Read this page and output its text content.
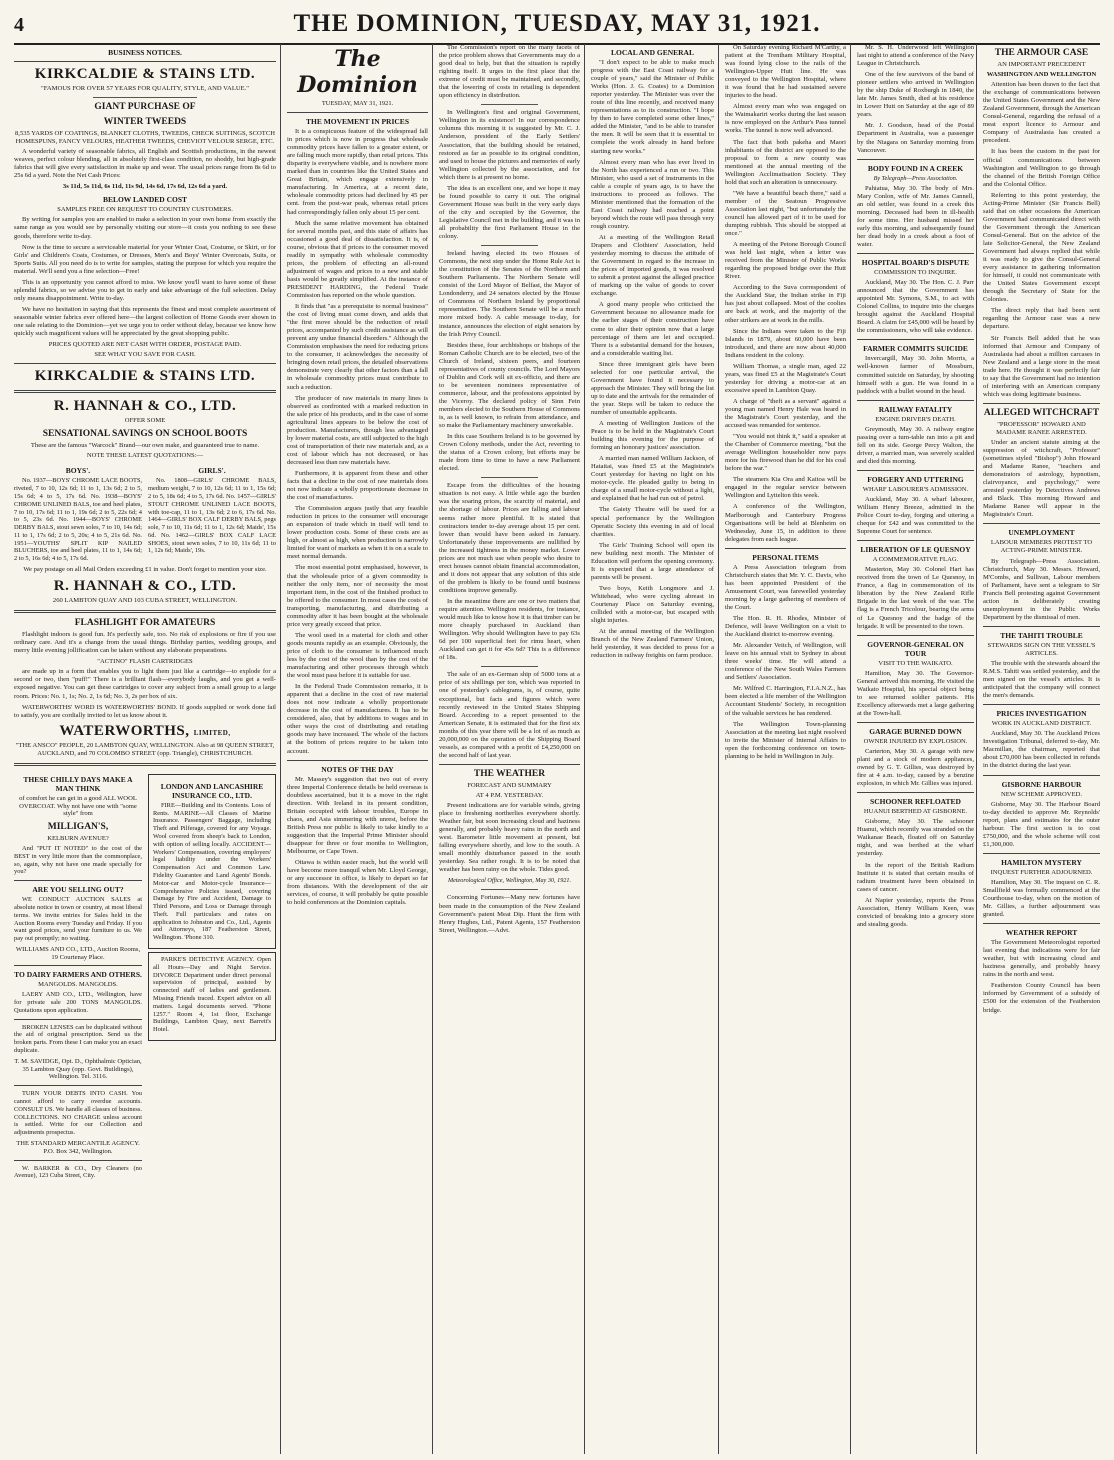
4	THE DOMINION, TUESDAY, MAY 31, 1921.

BUSINESS NOTICES.

KIRKCALDIE & STAINS LTD.

"FAMOUS FOR OVER 57 YEARS FOR QUALITY, STYLE, AND VALUE."

GIANT PURCHASE OF

WINTER TWEEDS

8,535 YARDS OF COATINGS, BLANKET CLOTHS, TWEEDS, CHECK SUITINGS, SCOTCH HOMESPUNS, FANCY VELOURS, HEATHER TWEEDS, CHEVIOT VELOUR SERGE, ETC.

A wonderful variety of seasonable fabrics, all English and Scottish productions, in the newest weaves, perfect colour blending, all in absolutely first-class condition, no shoddy, but high-grade fabrics that will give every satisfaction in make up and wear. The usual prices range from 8s 6d to 25s 6d a yard. Note the Net Cash Prices:

3s 11d, 5s 11d, 6s 11d, 11s 9d, 14s 6d, 17s 6d, 12s 6d a yard.

BELOW LANDED COST

SAMPLES FREE ON REQUEST TO COUNTRY CUSTOMERS.

By writing for samples you are enabled to make a selection in your own home from exactly the same range as you would see by personally visiting our store—it costs you nothing to see these goods, therefore write to-day.

Now is the time to secure a serviceable material for your Winter Coat, Costume, or Skirt, or for Girls' and Children's Coats, Costumes, or Dresses, Men's and Boys' Winter Overcoats, Suits, or Sports Suits. All you need do is to write for samples, stating the purpose for which you require the material. We'll send you a fine selection—Free!

This is an opportunity you cannot afford to miss. We know you'll want to have some of these splendid fabrics, so we advise you to get in early and take advantage of the full selection. Delay only means disappointment. Write to-day.

We have no hesitation in saying that this represents the finest and most complete assortment of seasonable winter fabrics ever offered here—the largest collection of Home Goods ever shown in one sale relating to the Dominion—yet we urge you to order without delay, because we know how quickly such magnificent values will be appreciated by the great shopping public.

PRICES QUOTED ARE NET CASH WITH ORDER, POSTAGE PAID.

SEE WHAT YOU SAVE FOR CASH.

KIRKCALDIE & STAINS LTD.

R. HANNAH & CO., LTD.

OFFER SOME

SENSATIONAL SAVINGS ON SCHOOL BOOTS

These are the famous "Warcock" Brand—our own make, and guaranteed true to name.

NOTE THESE LATEST QUOTATIONS:—

BOYS'.

No. 1937—BOYS' CHROME LACE BOOTS, riveted, 7 to 10, 12s 6d; 11 to 1, 13s 6d; 2 to 5, 15s 6d; 4 to 5, 17s 6d. No. 1938—BOYS' CHROME UNLINED BALS, toe and heel plates, 7 to 10, 17s 6d; 11 to 1, 19s 6d; 2 to 5, 22s 6d; 4 to 5, 23s 6d. No. 1944—BOYS' CHROME DERBY BALS, stout sewn soles, 7 to 10, 14s 6d; 11 to 1, 17s 6d; 2 to 5, 20s; 4 to 5, 21s 6d. No. 1951—YOUTHS' SPLIT KIP NAILED BLUCHERS, toe and heel plates, 11 to 1, 14s 6d; 2 to 5, 16s 6d; 4 to 5, 17s 6d.

GIRLS'.

No. 1808—GIRLS' CHROME BALS, medium weight, 7 to 10, 12s 6d; 11 to 1, 15s 6d; 2 to 5, 18s 6d; 4 to 5, 17s 6d. No. 1457—GIRLS' STOUT CHROME UNLINED LACE BOOTS, with toe-cap, 11 to 1, 13s 6d; 2 to 6, 17s 6d. No. 1464—GIRLS' BOX CALF DERBY BALS, pegs sole, 7 to 10, 11s 6d; 11 to 1, 12s 6d; Maids', 15s 6d. No. 1462—GIRLS' BOX CALF LACE SHOES, stout sewn soles, 7 to 10, 11s 6d; 11 to 1, 12s 6d; Maids', 19s.

We pay postage on all Mail Orders exceeding £1 in value. Don't forget to mention your size.

R. HANNAH & CO., LTD.

260 LAMBTON QUAY AND 103 CUBA STREET, WELLINGTON.

FLASHLIGHT FOR AMATEURS

Flashlight indoors is good fun. It's perfectly safe, too. No risk of explosions or fire if you use ordinary care. And it's a change from the usual things. Birthday parties, wedding groups, and merry little evening jollification can be taken without any elaborate preparations.

"ACTINO" FLASH CARTRIDGES

are made up in a form that enables you to light them just like a cartridge—to explode for a second or two, then "puff!" There is a brilliant flash—everybody laughs, and you get a well-exposed negative. You can get these cartridges to cover any subject from a small group to a large room. Prices: No. 1, 1s; No. 2, 1s 6d; No. 3, 2s per box of six.

WATERWORTHS' WORD IS WATERWORTHS' BOND. If goods supplied or work done fail to satisfy, you are cordially invited to let us know about it.

WATERWORTHS, LIMITED,

"THE ANSCO" PEOPLE, 20 LAMBTON QUAY, WELLINGTON. Also at 98 QUEEN STREET, AUCKLAND, and 70 COLOMBO STREET (opp. Triangle), CHRISTCHURCH.

THESE CHILLY DAYS MAKE A MAN THINK

of comfort he can get in a good ALL WOOL OVERCOAT. Why not have one with "some style" from

MILLIGAN'S,

KELBURN AVENUE?

And "PUT IT NOTED" to the cost of the BEST in very little more than the commonplace, so, again, why not have one made specially for you?

ARE YOU SELLING OUT?

WE CONDUCT AUCTION SALES at absolute notice in town or country, at most liberal terms. We invite entries for Sales held in the Auction Rooms every Tuesday and Friday. If you want good prices, send your furniture to us. We pay out promptly; no waiting.

WILLIAMS AND CO., LTD., Auction Rooms, 19 Courtenay Place.

TO DAIRY FARMERS AND OTHERS.

MANGOLDS. MANGOLDS.

LAERY AND CO., LTD., Wellington, have for private sale 200 TONS MANGOLDS. Quotations upon application.

BROKEN LENSES can be duplicated without the aid of original prescription. Send us the broken parts. From these I can make you an exact duplicate.

T. M. SAVIDGE, Opt. D., Ophthalmic Optician, 35 Lambton Quay (opp. Govt. Buildings), Wellington. Tel. 3116.

TURN YOUR DEBTS INTO CASH. You cannot afford to carry overdue accounts. CONSULT US. We handle all classes of business. COLLECTIONS. NO CHARGE unless account is settled. Write for our Collection and adjustments prospectus.

THE STANDARD MERCANTILE AGENCY. P.O. Box 342, Wellington.

W. BARKER & CO., Dry Cleaners (no Avenue), 123 Cuba Street, City.

LONDON AND LANCASHIRE INSURANCE CO., LTD.

FIRE—Building and its Contents. Loss of Rents. MARINE—All Classes of Marine Insurance. Passengers' Baggage, including Theft and Pilferage, covered for any Voyage. Wool covered from sheep's back to London, with option of selling locally. ACCIDENT—Workers' Compensation, covering employers' legal liability under the Workers' Compensation Act and Common Law. Fidelity Guarantee and Land Agents' Bonds. Motor-car and Motor-cycle Insurance—Comprehensive Policies issued, covering Damage by Fire and Accident, Damage to Third Persons, and Loss or Damage through Theft. Full particulars and rates on application to Johnston and Co., Ltd., Agents and Attorneys, 187 Featherston Street, Wellington. 'Phone 310.

PARKE'S DETECTIVE AGENCY. Open all Hours—Day and Night Service. DIVORCE Department under direct personal supervision of principal, assisted by connected staff of ladies and gentlemen. Missing Friends traced. Expert advice on all matters. Legal documents served. "Phone 1257." Room 4, 1st floor, Exchange Buildings, Lambton Quay, next Barrett's Hotel.

The Dominion

TUESDAY, MAY 31, 1921.

THE MOVEMENT IN PRICES

It is a conspicuous feature of the widespread fall in prices which is now in progress that wholesale commodity prices have fallen to a greater extent, or are falling much more rapidly, than retail prices. This disparity is everywhere visible, and is nowhere more marked than in countries like the United States and Great Britain, which engage extensively in manufacturing. In America, at a recent date, wholesale commodity prices had declined by 45 per cent. from the post-war peak, whereas retail prices had correspondingly fallen only about 15 per cent.

Much the same relative movement has obtained for several months past, and this state of affairs has occasioned a good deal of dissatisfaction. It is, of course, obvious that if prices to the consumer moved readily in sympathy with wholesale commodity prices, the problem of effecting an all-round adjustment of wages and prices to a new and stable basis would be greatly simplified. At the instance of PRESIDENT HARDING, the Federal Trade Commission has reported on the whole question.

It finds that "as a prerequisite to normal business" the cost of living must come down, and adds that "the first move should be the reduction of retail prices, accompanied by such credit assistance as will prevent any undue financial disorders." Although the Commission emphasises the need for reducing prices to the consumer, it acknowledges the necessity of bringing down retail prices, the detailed observations demonstrate very clearly that other factors than a fall in wholesale commodity prices must contribute to such a reduction.

The producer of raw materials in many lines is observed as confronted with a marked reduction in the sale price of his products, and in the case of some agricultural lines appears to be below the cost of production. Manufacturers, though less advantaged by lower material costs, are still subjected to the high cost of transportation of their raw materials and, as a cost of labour which has not decreased, or has decreased less than raw materials have.

Furthermore, it is apparent from these and other facts that a decline in the cost of raw materials does not now indicate a wholly proportionate decrease in the cost of manufactures.

The Commission argues justly that any feasible reduction in prices to the consumer will encourage an expansion of trade which in itself will tend to lower production costs. Some of these costs are as high, or almost as high, when production is narrowly limited for want of markets as when it is on a scale to meet normal demands.

The most essential point emphasised, however, is that the wholesale price of a given commodity is neither the only item, nor of necessity the most important item, in the cost of the finished product to be offered to the consumer. In most cases the costs of transporting, manufacturing, and distributing a commodity after it has been bought at the wholesale price very greatly exceed that price.

The wool used in a material for cloth and other goods mounts rapidly as an example. Obviously, the price of cloth to the consumer is influenced much less by the cost of the wool than by the cost of the manufacturing and other processes through which the wool must pass before it is suitable for use.

In the Federal Trade Commission remarks, it is apparent that a decline in the cost of raw material does not now indicate a wholly proportionate decrease in the cost of manufactures. It has to be considered, also, that by additions to wages and in other ways the cost of distributing and retailing goods may have increased. The whole of the factors at the bottom of prices require to be taken into account.

NOTES OF THE DAY

Mr. Massey's suggestion that two out of every three Imperial Conference details be held overseas is doubtless ascertained, but it is a move in the right direction. With Ireland in its present condition, Britain occupied with labour troubles, Europe in chaos, and Asia simmering with unrest, before the British Press nor public is likely to take kindly to a suggestion that the Imperial Prime Minister should disappear for three or four months to Wellington, Melbourne, or Cape Town.

Ottawa is within easier reach, but the world will have become more tranquil when Mr. Lloyd George, or any successor in office, is likely to depart so far from distances. With the development of the air services, of course, it will probably be quite possible to hold conferences at the Dominion capitals.

The Commission's report on the many facets of the price problem shows that Governments may do a good deal to help, but that the situation is rapidly righting itself. It urges in the first place that the extreme of credit must be maintained, and secondly, that the lowering of costs in retailing is dependent upon efficiency in distribution.

In Wellington's first and original Government, Wellington in its existence! In our correspondence columns this morning it is suggested by Mr. C. J. Anderson, president of the Early Settlers' Association, that the building should be retained, restored as far as possible to its original condition, and used to house the pictures and memories of early Wellington collected by the association, and for which there is at present no home.

The idea is an excellent one, and we hope it may be found possible to carry it out. The original Government House was built in the very early days of the city and occupied by the Governor, the Legislative Council met in the building, and it was in all probability the first Parliament House in the colony.

Ireland having elected its two Houses of Commons, the next step under the Home Rule Act is the constitution of the Senates of the Northern and Southern Parliaments. The Northern Senate will consist of the Lord Mayor of Belfast, the Mayor of Londonderry, and 24 senators elected by the House of Commons of Northern Ireland by proportional representation. The Southern Senate will be a much more mixed body. A cable message to-day, for instance, announces the election of eight senators by the Irish Privy Council.

Besides these, four archbishops or bishops of the Roman Catholic Church are to be elected, two of the Church of Ireland, sixteen peers, and fourteen representatives of county councils. The Lord Mayors of Dublin and Cork will sit ex-officio, and there are to be seventeen nominees representative of commerce, labour, and the professions appointed by the Viceroy. The declared policy of Sinn Fein members elected to the Southern House of Commons is, as is well known, to refrain from attendance, and so make the Parliamentary machinery unworkable.

In this case Southern Ireland is to be governed by Crown Colony methods, under the Act, reverting to the status of a Crown colony, but efforts may be made from time to time to have a new Parliament elected.

Escape from the difficulties of the housing situation is not easy. A little while ago the burden was the soaring prices, the scarcity of material, and the shortage of labour. Prices are falling and labour seems rather more plentiful. It is stated that contractors tender to-day average about 15 per cent. lower than would have been asked in January. Unfortunately these improvements are nullified by the increased tightness in the money market. Lower prices are not much use when people who desire to erect houses cannot obtain financial accommodation, and it does not appear that any solution of this side of the problem is likely to be found until business conditions improve generally.

In the meantime there are one or two matters that require attention. Wellington residents, for instance, would much like to know how it is that timber can be more cheaply purchased in Auckland than Wellington. Why should Wellington have to pay 63s 6d per 100 superficial feet for rimu heart, when Auckland can get it for 45s 6d? This is a difference of 18s.

The sale of an ex-German ship of 5000 tons at a price of six shillings per ton, which was reported in one of yesterday's cablegrams, is, of course, quite exceptional, but facts and figures which were recently reviewed in the United States Shipping Board. According to a report presented to the American Senate, it is estimated that for the first six months of this year there will be a lot of as much as 20,000,000 on the operation of the Shipping Board vessels, as compared with a profit of £4,250,000 on the second half of last year.

THE WEATHER

FORECAST AND SUMMARY

AT 4 P.M. YESTERDAY.

Present indications are for variable winds, giving place to freshening northerlies everywhere shortly. Weather fair, but soon increasing cloud and haziness generally, and probably heavy rains in the north and west. Barometer little movement at present, but falling everywhere shortly, and low to the south. A small monthly disturbance passed in the south yesterday. Sea rather rough. It is to be noted that weather has been rainy on the whole. Tides good.

Meteorological Office, Wellington, May 30, 1921.

Concerning Fortunes—Many new fortunes have been made in the consumption of the New Zealand Government's patent Meat Dip. Hunt the firm with Henry Hughes, Ltd., Patent Agents, 157 Featherston Street, Wellington.—Advt.

LOCAL AND GENERAL

"I don't expect to be able to make much progress with the East Coast railway for a couple of years," said the Minister of Public Works (Hon. J. G. Coates) to a Dominion reporter yesterday. The Minister was over the route of this line recently, and received many representations as to its construction. "I hope by then to have completed some other lines," added the Minister, "and to be able to transfer the men. It will be seen that it is essential to complete the work already in hand before starting new works."

Almost every man who has ever lived in the North has experienced a run or two. This Minister, who used a set of instruments in the cable a couple of years ago, is to have the instructions to proceed as follows. The Minister mentioned that the formation of the East Coast railway had reached a point beyond which the route will pass through very rough country.

At a meeting of the Wellington Retail Drapers and Clothiers' Association, held yesterday morning to discuss the attitude of the Government in regard to the increase in the prices of imported goods, it was resolved to submit a protest against the alleged practice of marking up the value of goods to cover exchange.

A good many people who criticised the Government because no allowance made for the earlier stages of their construction have come to alter their opinion now that a large percentage of them are let and occupied. There is a substantial demand for the houses, and a considerable waiting list.

Since three immigrant girls have been selected for one particular arrival, the Government have found it necessary to approach the Minister. They will bring the list up to date and the arrivals for the remainder of the year. Steps will be taken to reduce the number of unsuitable applicants.

A meeting of Wellington Justices of the Peace is to be held in the Magistrate's Court building this evening for the purpose of forming an honorary justices' association.

A married man named William Jackson, of Hataitai, was fined £5 at the Magistrate's Court yesterday for having no light on his motor-cycle. He pleaded guilty to being in charge of a small motor-cycle without a light, and explained that he had run out of petrol.

The Gaiety Theatre will be used for a special performance by the Wellington Operatic Society this evening in aid of local charities.

The Girls' Training School will open its new building next month. The Minister of Education will perform the opening ceremony. It is expected that a large attendance of parents will be present.

Two boys, Keith Longmore and J. Whitehead, who were cycling abreast in Courtenay Place on Saturday evening, collided with a motor-car, but escaped with slight injuries.

At the annual meeting of the Wellington Branch of the New Zealand Farmers' Union, held yesterday, it was decided to press for a reduction in railway freights on farm produce.

On Saturday evening Richard M'Carthy, a patient at the Trentham Military Hospital, was found lying close to the rails of the Wellington-Upper Hutt line. He was conveyed to the Wellington Hospital, where it was found that he had sustained severe injuries to the head.

Almost every man who was engaged on the Waimakariri works during the last season is now employed on the Arthur's Pass tunnel works. The tunnel is now well advanced.

The fact that both pakeha and Maori inhabitants of the district are opposed to the proposal to form a new county was mentioned at the annual meeting of the Wellington Acclimatisation Society. They hold that such an alteration is unnecessary.

"We have a beautiful beach there," said a member of the Seatoun Progressive Association last night, "but unfortunately the council has allowed part of it to be used for dumping rubbish. This should be stopped at once."

A meeting of the Petone Borough Council was held last night, when a letter was received from the Minister of Public Works regarding the proposed bridge over the Hutt River.

According to the Suva correspondent of the Auckland Star, the Indian strike in Fiji has just about collapsed. Most of the coolies are back at work, and the majority of the other strikers are at work in the mills.

Since the Indians were taken to the Fiji Islands in 1879, about 60,000 have been introduced, and there are now about 40,000 Indians resident in the colony.

William Thomas, a single man, aged 22 years, was fined £5 at the Magistrate's Court yesterday for driving a motor-car at an excessive speed in Lambton Quay.

A charge of "theft as a servant" against a young man named Henry Hale was heard in the Magistrate's Court yesterday, and the accused was remanded for sentence.

"You would not think it," said a speaker at the Chamber of Commerce meeting, "but the average Wellington householder now pays more for his firewood than he did for his coal before the war."

The steamers Kia Ora and Kaitoa will be engaged in the regular service between Wellington and Lyttelton this week.

A conference of the Wellington, Marlborough and Canterbury Progress Organisations will be held at Blenheim on Wednesday, June 15, in addition to three delegates from each league.

PERSONAL ITEMS

A Press Association telegram from Christchurch states that Mr. Y. C. Davis, who has been appointed President of the Amusement Court, was farewelled yesterday morning by a large gathering of members of the Court.

The Hon. R. H. Rhodes, Minister of Defence, will leave Wellington on a visit to the Auckland district to-morrow evening.

Mr. Alexander Veitch, of Wellington, will leave on his annual visit to Sydney in about three weeks' time. He will attend a conference of the New South Wales Farmers and Settlers' Association.

Mr. Wilfred C. Harrington, F.I.A.N.Z., has been elected a life member of the Wellington Accountant Students' Society, in recognition of the valuable services he has rendered.

The Wellington Town-planning Association at the meeting last night resolved to invite the Minister of Internal Affairs to open the forthcoming conference on town-planning to be held in Wellington in July.

Mr. S. H. Underwood left Wellington last night to attend a conference of the Navy League in Christchurch.

One of the few survivors of the band of pioneer settlers who arrived in Wellington by the ship Duke of Roxburgh in 1840, the late Mr. James Smith, died at his residence in Lower Hutt on Saturday at the age of 89 years.

Mr. J. Goodson, head of the Postal Department in Australia, was a passenger by the Niagara on Saturday morning from Vancouver.

BODY FOUND IN A CREEK

By Telegraph—Press Association.

Pahiatua, May 30. The body of Mrs. Mary Conlon, wife of Mr. James Cannell, an old settler, was found in a creek this morning. Deceased had been in ill-health for some time. Her husband missed her early this morning, and subsequently found her dead body in a creek about a foot of water.

HOSPITAL BOARD'S DISPUTE

COMMISSION TO INQUIRE.

Auckland, May 30. The Hon. C. J. Parr announced that the Government has appointed Mr. Symons, S.M., to act with Colonel Collins, to inquire into the charges brought against the Auckland Hospital Board. A claim for £45,000 will be heard by the commissioners, who will take evidence.

FARMER COMMITS SUICIDE

Invercargill, May 30. John Morris, a well-known farmer of Mossburn, committed suicide on Saturday, by shooting himself with a gun. He was found in a paddock with a bullet wound in the head.

RAILWAY FATALITY

ENGINE DRIVER'S DEATH.

Greymouth, May 30. A railway engine passing over a turn-table ran into a pit and fell on its side. George Percy Walton, the driver, a married man, was severely scalded and died this morning.

FORGERY AND UTTERING

WHARF LABOURER'S ADMISSION.

Auckland, May 30. A wharf labourer, William Henry Breeze, admitted in the Police Court to-day, forging and uttering a cheque for £42 and was committed to the Supreme Court for sentence.

LIBERATION OF LE QUESNOY

A COMMEMORATIVE FLAG.

Masterton, May 30. Colonel Hart has received from the town of Le Quesnoy, in France, a flag in commemoration of its liberation by the New Zealand Rifle Brigade in the last week of the war. The flag is a French Tricolour, bearing the arms of Le Quesnoy and the badge of the brigade. It will be presented to the town.

GOVERNOR-GENERAL ON TOUR

VISIT TO THE WAIKATO.

Hamilton, May 30. The Governor-General arrived this morning. He visited the Waikato Hospital, his special object being to see returned soldier patients. His Excellency afterwards met a large gathering at the Town-hall.

GARAGE BURNED DOWN

OWNER INJURED BY EXPLOSION.

Carterton, May 30. A garage with new plant and a stock of modern appliances, owned by G. T. Gillies, was destroyed by fire at 4 a.m. to-day, caused by a benzine explosion, in which Mr. Gillies was injured.

SCHOONER REFLOATED

HUANUI BERTHED AT GISBORNE.

Gisborne, May 30. The schooner Huanui, which recently was stranded on the Waikanae Beach, floated off on Saturday night, and was berthed at the wharf yesterday.

In the report of the British Radium Institute it is stated that certain results of radium treatment have been obtained in cases of cancer.

At Napier yesterday, reports the Press Association, Henry William Keen, was convicted of breaking into a grocery store and stealing goods.

THE ARMOUR CASE

AN IMPORTANT PRECEDENT

WASHINGTON AND WELLINGTON

Attention has been drawn to the fact that the exchange of communications between the United States Government and the New Zealand Government, through the American Consul-General, regarding the refusal of a meat export licence to Armour and Company of Australasia has created a precedent.

It has been the custom in the past for official communications between Washington and Wellington to go through the channel of the British Foreign Office and the Colonial Office.

Referring to this point yesterday, the Acting-Prime Minister (Sir Francis Bell) said that on other occasions the American Government had communicated direct with the Government through the American Consul-General. But on the advice of the late Solicitor-General, the New Zealand Government had always replied that while it was ready to give the Consul-General every assistance in gathering information for himself, it could not communicate with the United States Government except through the Secretary of State for the Colonies.

The direct reply that had been sent regarding the Armour case was a new departure.

Sir Francis Bell added that he was informed that Armour and Company of Australasia had about a million carcases in New Zealand and a large store in the meat trade here. He thought it was perfectly fair to say that the Government had no intention of interfering with an American company which was doing legitimate business.

ALLEGED WITCHCRAFT

"PROFESSOR" HOWARD AND MADAME RANEE ARRESTED.

Under an ancient statute aiming at the suppression of witchcraft, "Professor" (sometimes styled "Bishop") John Howard and Madame Ranee, "teachers and demonstrators of astrology, hypnotism, clairvoyance, and psychology," were arrested yesterday by Detectives Andrews and Black. This morning Howard and Madame Ranee will appear in the Magistrate's Court.

UNEMPLOYMENT

LABOUR MEMBERS PROTEST TO ACTING-PRIME MINISTER.

By Telegraph—Press Association. Christchurch, May 30. Messrs. Howard, M'Combs, and Sullivan, Labour members of Parliament, have sent a telegram to Sir Francis Bell protesting against Government action in deliberately creating unemployment in the Public Works Department by the dismissal of men.

THE TAHITI TROUBLE

STEWARDS SIGN ON THE VESSEL'S ARTICLES.

The trouble with the stewards aboard the R.M.S. Tahiti was settled yesterday, and the men signed on the vessel's articles. It is anticipated that the company will connect the men's demands.

PRICES INVESTIGATION

WORK IN AUCKLAND DISTRICT.

Auckland, May 30. The Auckland Prices Investigation Tribunal, deferred to-day, Mr. Macmillan, the chairman, reported that about £70,000 has been collected in refunds in the district during the last year.

GISBORNE HARBOUR

NEW SCHEME APPROVED.

Gisborne, May 30. The Harbour Board to-day decided to approve Mr. Reynolds' report, plans and estimates for the outer harbour. The first section is to cost £750,000, and the whole scheme will cost £1,300,000.

HAMILTON MYSTERY

INQUEST FURTHER ADJOURNED.

Hamilton, May 30. The inquest on C. R. Smallfield was formally commenced at the Courthouse to-day, when on the motion of Mr. Gillies, a further adjournment was granted.

WEATHER REPORT

The Government Meteorologist reported last evening that indications were for fair weather, but with increasing cloud and haziness generally, and probably heavy rains in the north and west.

Featherston County Council has been informed by Government of a subsidy of £500 for the extension of the Featherston bridge.
